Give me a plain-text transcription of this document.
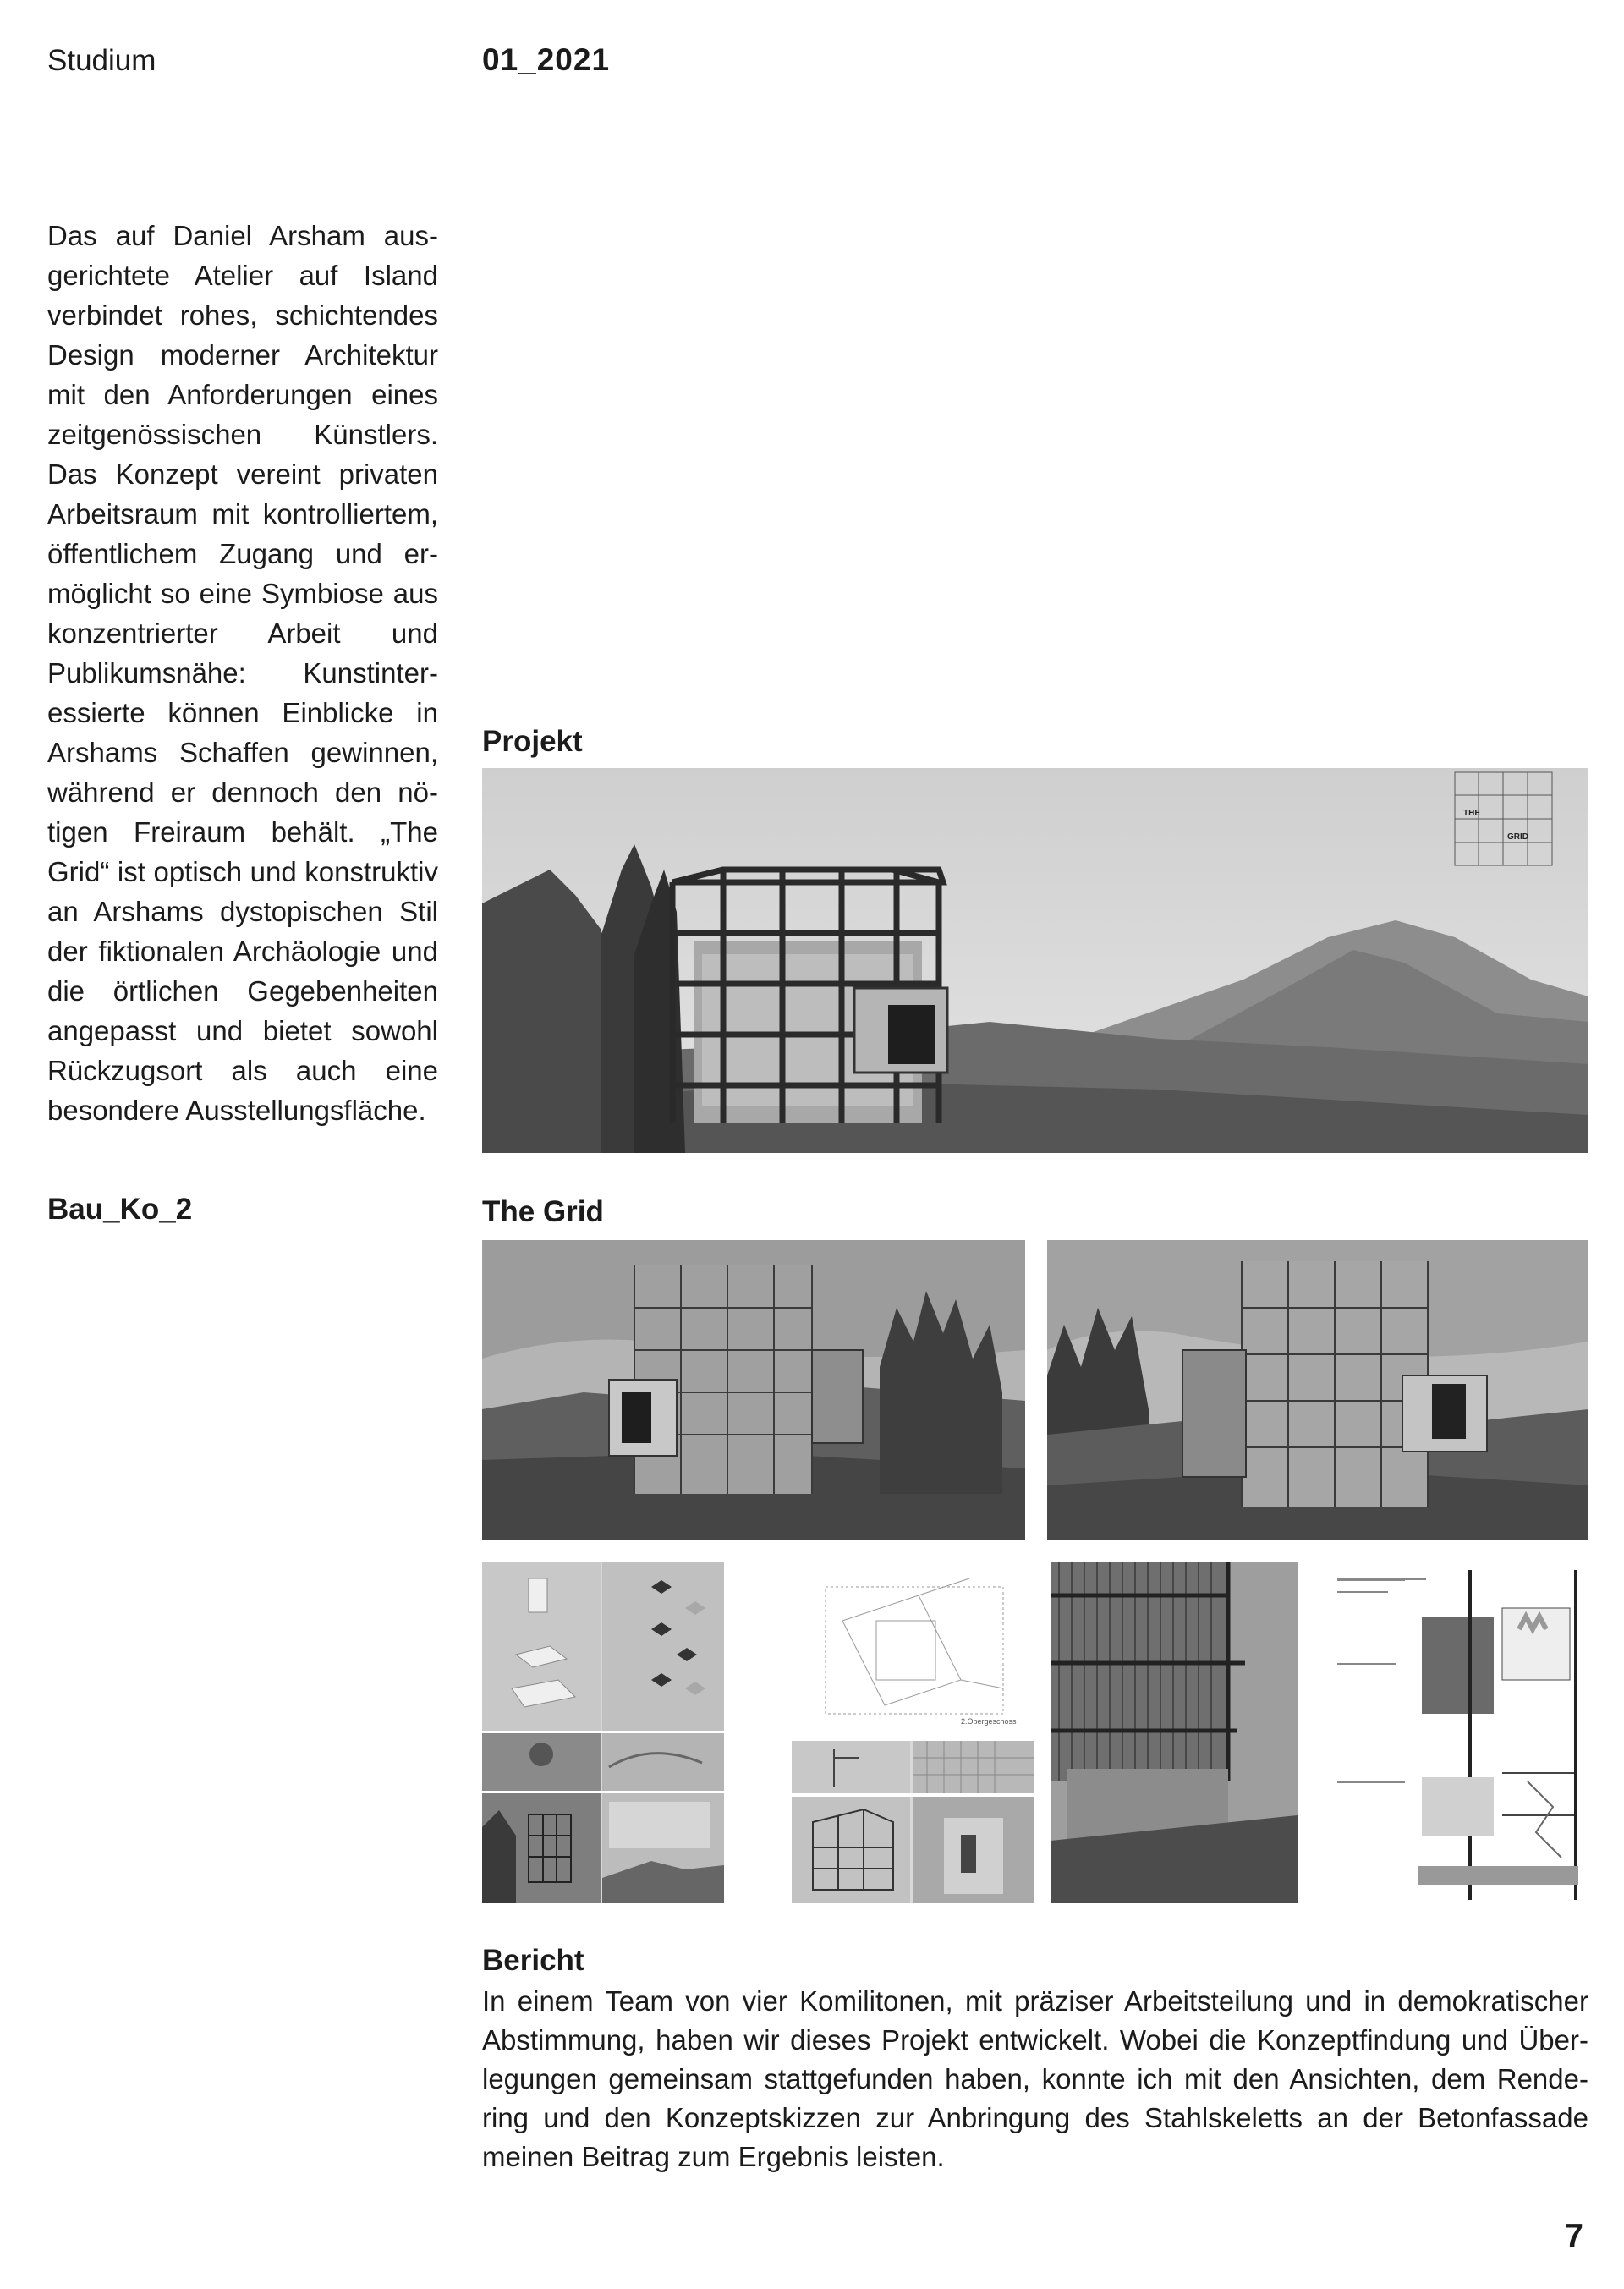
Studium	01_2021
Das auf Daniel Arsham ausgerichtete Atelier auf Island verbindet rohes, schichtendes Design moderner Architektur mit den Anforderungen eines zeitgenössischen Künstlers. Das Konzept vereint privaten Arbeitsraum mit kontrolliertem, öffentlichem Zugang und ermöglicht so eine Symbiose aus konzentrierter Arbeit und Publikumsnähe: Kunstinteressierte können Einblicke in Arshams Schaffen gewinnen, während er dennoch den nötigen Freiraum behält. „The Grid“ ist optisch und konstruktiv an Arshams dystopischen Stil der fiktionalen Archäologie und die örtlichen Gegebenheiten angepasst und bietet sowohl Rückzugsort als auch eine besondere Ausstellungsfläche.
Bau_Ko_2
Projekt
THE
GRID
The Grid
2.Obergeschoss
Bericht
In einem Team von vier Komilitonen, mit präziser Arbeitsteilung und in demokratischer Abstimmung, haben wir dieses Projekt entwickelt. Wobei die Konzeptfindung und Überlegungen gemeinsam stattgefunden haben, konnte ich mit den Ansichten, dem Rendering und den Konzeptskizzen zur Anbringung des Stahlskeletts an der Betonfassade meinen Beitrag zum Ergebnis leisten.
7
